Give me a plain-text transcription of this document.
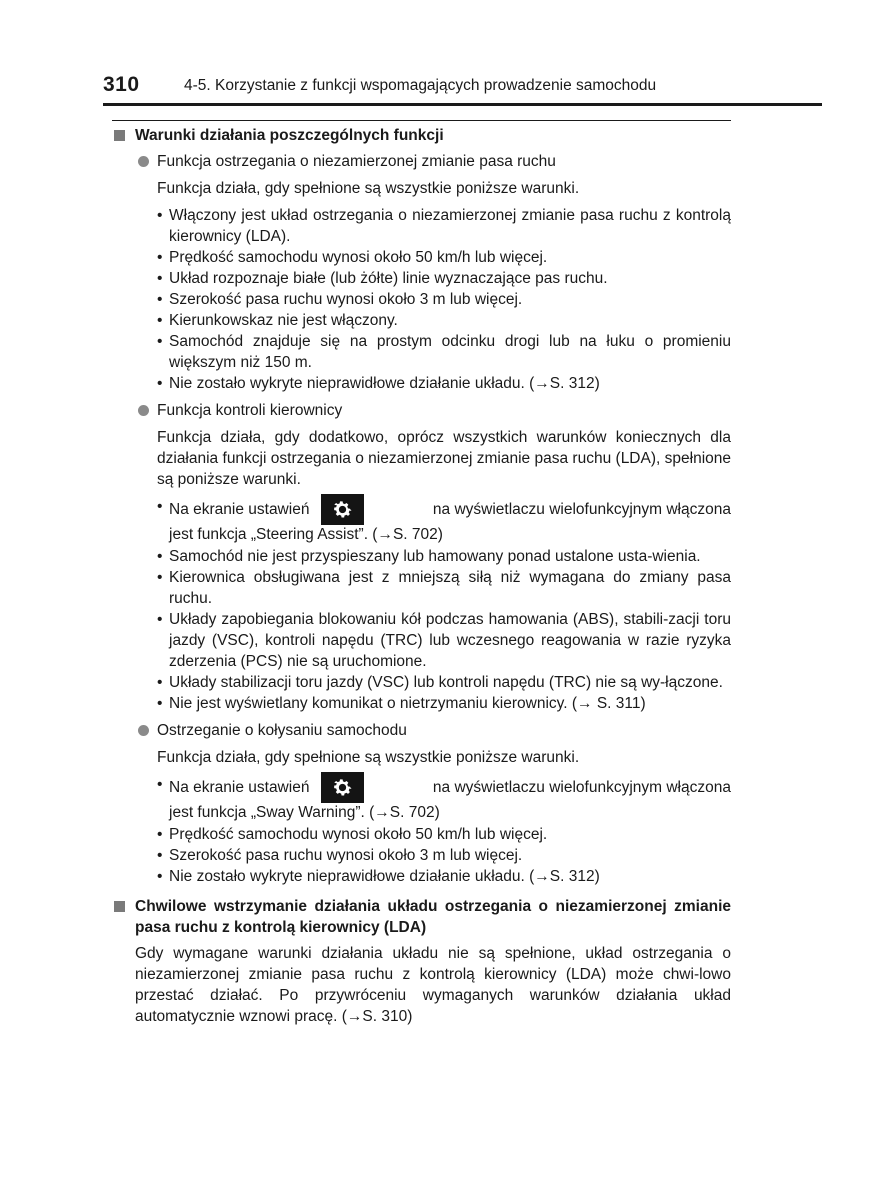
310	4-5. Korzystanie z funkcji wspomagających prowadzenie samochodu
Warunki działania poszczególnych funkcji
Funkcja ostrzegania o niezamierzonej zmianie pasa ruchu
Funkcja działa, gdy spełnione są wszystkie poniższe warunki.
• Włączony jest układ ostrzegania o niezamierzonej zmianie pasa ruchu z kontrolą kierownicy (LDA).
• Prędkość samochodu wynosi około 50 km/h lub więcej.
• Układ rozpoznaje białe (lub żółte) linie wyznaczające pas ruchu.
• Szerokość pasa ruchu wynosi około 3 m lub więcej.
• Kierunkowskaz nie jest włączony.
• Samochód znajduje się na prostym odcinku drogi lub na łuku o promieniu większym niż 150 m.
• Nie zostało wykryte nieprawidłowe działanie układu. (→S. 312)
Funkcja kontroli kierownicy
Funkcja działa, gdy dodatkowo, oprócz wszystkich warunków koniecznych dla działania funkcji ostrzegania o niezamierzonej zmianie pasa ruchu (LDA), spełnione są poniższe warunki.
• Na ekranie ustawień	na wyświetlaczu wielofunkcyjnym włączona
jest funkcja „Steering Assist”. (→S. 702)
• Samochód nie jest przyspieszany lub hamowany ponad ustalone usta-wienia.
• Kierownica obsługiwana jest z mniejszą siłą niż wymagana do zmiany pasa ruchu.
• Układy zapobiegania blokowaniu kół podczas hamowania (ABS), stabili-zacji toru jazdy (VSC), kontroli napędu (TRC) lub wczesnego reagowania w razie ryzyka zderzenia (PCS) nie są uruchomione.
• Układy stabilizacji toru jazdy (VSC) lub kontroli napędu (TRC) nie są wy-łączone.
• Nie jest wyświetlany komunikat o nietrzymaniu kierownicy. (→ S. 311)
Ostrzeganie o kołysaniu samochodu
Funkcja działa, gdy spełnione są wszystkie poniższe warunki.
• Na ekranie ustawień	na wyświetlaczu wielofunkcyjnym włączona
jest funkcja „Sway Warning”. (→S. 702)
• Prędkość samochodu wynosi około 50 km/h lub więcej.
• Szerokość pasa ruchu wynosi około 3 m lub więcej.
• Nie zostało wykryte nieprawidłowe działanie układu. (→S. 312)
Chwilowe wstrzymanie działania układu ostrzegania o niezamierzonej zmianie pasa ruchu z kontrolą kierownicy (LDA)
Gdy wymagane warunki działania układu nie są spełnione, układ ostrzegania o niezamierzonej zmianie pasa ruchu z kontrolą kierownicy (LDA) może chwi-lowo przestać działać. Po przywróceniu wymaganych warunków działania układ automatycznie wznowi pracę. (→S. 310)
